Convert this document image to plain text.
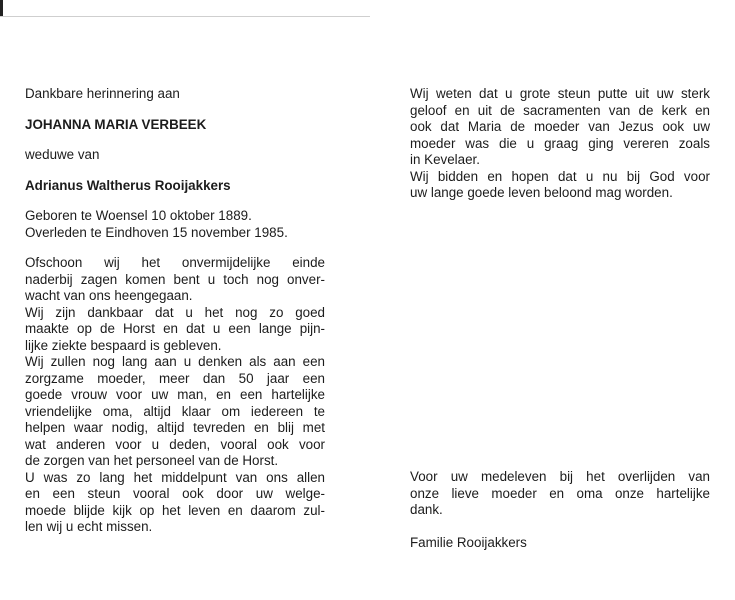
Dankbare herinnering aan
JOHANNA MARIA VERBEEK
weduwe van
Adrianus Waltherus Rooijakkers
Geboren te Woensel 10 oktober 1889.
Overleden te Eindhoven 15 november 1985.
Ofschoon wij het onvermijdelijke einde
naderbij zagen komen bent u toch nog onver-
wacht van ons heengegaan.
Wij zijn dankbaar dat u het nog zo goed
maakte op de Horst en dat u een lange pijn-
lijke ziekte bespaard is gebleven.
Wij zullen nog lang aan u denken als aan een
zorgzame moeder, meer dan 50 jaar een
goede vrouw voor uw man, en een hartelijke
vriendelijke oma, altijd klaar om iedereen te
helpen waar nodig, altijd tevreden en blij met
wat anderen voor u deden, vooral ook voor
de zorgen van het personeel van de Horst.
U was zo lang het middelpunt van ons allen
en een steun vooral ook door uw welge-
moede blijde kijk op het leven en daarom zul-
len wij u echt missen.
Wij weten dat u grote steun putte uit uw sterk
geloof en uit de sacramenten van de kerk en
ook dat Maria de moeder van Jezus ook uw
moeder was die u graag ging vereren zoals
in Kevelaer.
Wij bidden en hopen dat u nu bij God voor
uw lange goede leven beloond mag worden.
Voor uw medeleven bij het overlijden van
onze lieve moeder en oma onze hartelijke
dank.
Familie Rooijakkers
